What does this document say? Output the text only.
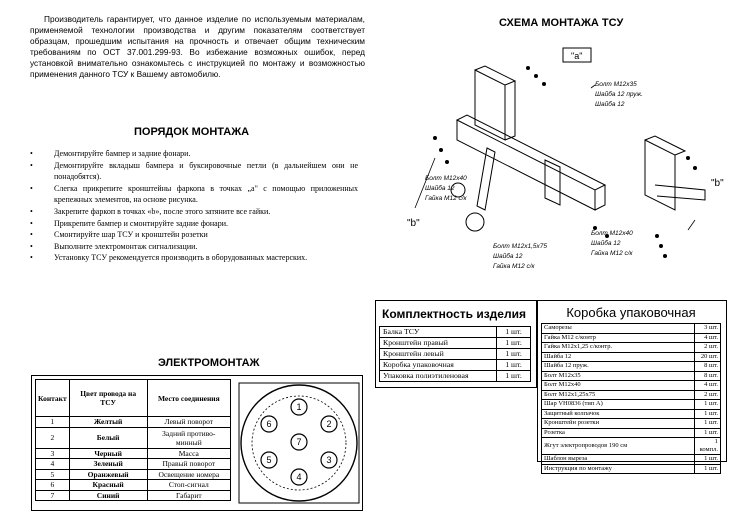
Производитель гарантирует, что данное изделие по используемым материалам, применяемой технологии производства и другим показателям соответствует образцам, прошедшим испытания на прочность и отвечает общим техническим требованиям по ОСТ 37.001.299-93. Во избежание возможных ошибок, перед установкой внимательно ознакомьтесь с инструкцией по монтажу и возможностью применения данного ТСУ к Вашему автомобилю.
ПОРЯДОК МОНТАЖА
•	Демонтируйте бампер и задние фонари.
•	Демонтируйте вкладыш бампера и буксировочные петли (в дальнейшем они не понадобятся).
•	Слегка прикрепите кронштейны фаркопа в точках „а" с помощью приложенных крепежных элементов, на основе рисунка.
•	Закрепите фаркоп в точках «b», после этого затяните все гайки.
•	Прикрепите бампер и смонтируйте задние фонари.
•	Смонтируйте шар ТСУ и кронштейн розетки
•	Выполните электромонтаж сигнализации.
•	Установку ТСУ рекомендуется производить в оборудованных мастерских.
СХЕМА МОНТАЖА ТСУ
"a"
"b"
"b"
Болт M12x35
Шайба 12 пруж.
Шайба 12
Болт M12x40
Шайба 12
Гайка M12 с/к
Болт M12x1,5x75
Шайба 12
Гайка M12 с/к
Болт M12x40
Шайба 12
Гайка M12 с/к
ЭЛЕКТРОМОНТАЖ
Контакт	Цвет провода на ТСУ	Место соединения
1	Желтый	Левый поворот
2	Белый	Задний противо-минный
3	Черный	Масса
4	Зеленый	Правый поворот
5	Оранжевый	Освещение номера
6	Красный	Стоп-сигнал
7	Синий	Габарит
1
2
3
4
5
6
7
Комплектность изделия
Балка ТСУ	1 шт.
Кронштейн правый	1 шт.
Кронштейн левый	1 шт.
Коробка упаковочная	1 шт.
Упаковка полиэтиленовая	1 шт.
Коробка упаковочная
Саморезы	3 шт.
Гайка M12 с/контр	4 шт.
Гайка M12x1,25 с/контр.	2 шт.
Шайба 12	20 шт.
Шайба 12 пруж.	8 шт.
Болт M12x35	8 шт.
Болт M12x40	4 шт.
Болт M12x1,25x75	2 шт.
Шар VH0836 (тип А)	1 шт.
Защитный колпачок	1 шт.
Кронштейн розетки	1 шт.
Розетка	1 шт.
Жгут электропроводов 190 см	1 компл.
Шаблон выреза	1 шт.
Инструкция по монтажу	1 шт.
